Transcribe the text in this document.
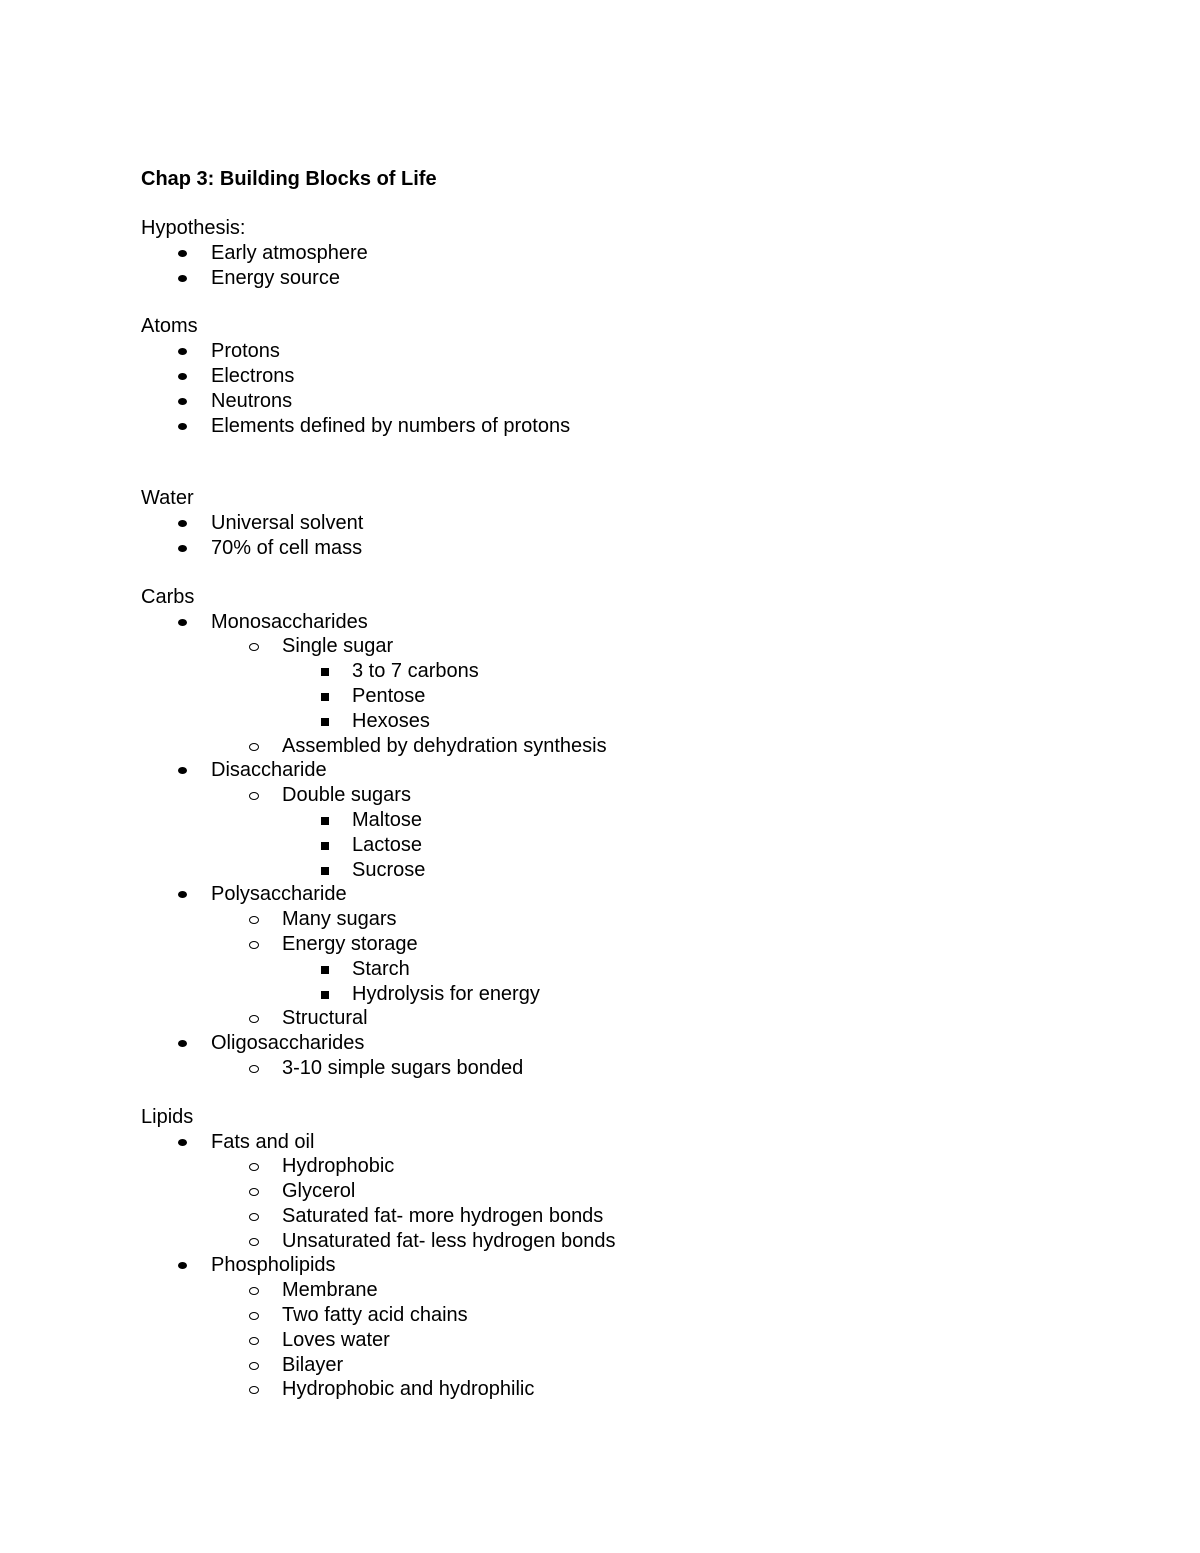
Chap 3: Building Blocks of Life
Hypothesis:
Early atmosphere
Energy source
Atoms
Protons
Electrons
Neutrons
Elements defined by numbers of protons
Water
Universal solvent
70% of cell mass
Carbs
Monosaccharides
Single sugar
3 to 7 carbons
Pentose
Hexoses
Assembled by dehydration synthesis
Disaccharide
Double sugars
Maltose
Lactose
Sucrose
Polysaccharide
Many sugars
Energy storage
Starch
Hydrolysis for energy
Structural
Oligosaccharides
3-10 simple sugars bonded
Lipids
Fats and oil
Hydrophobic
Glycerol
Saturated fat- more hydrogen bonds
Unsaturated fat- less hydrogen bonds
Phospholipids
Membrane
Two fatty acid chains
Loves water
Bilayer
Hydrophobic and hydrophilic
